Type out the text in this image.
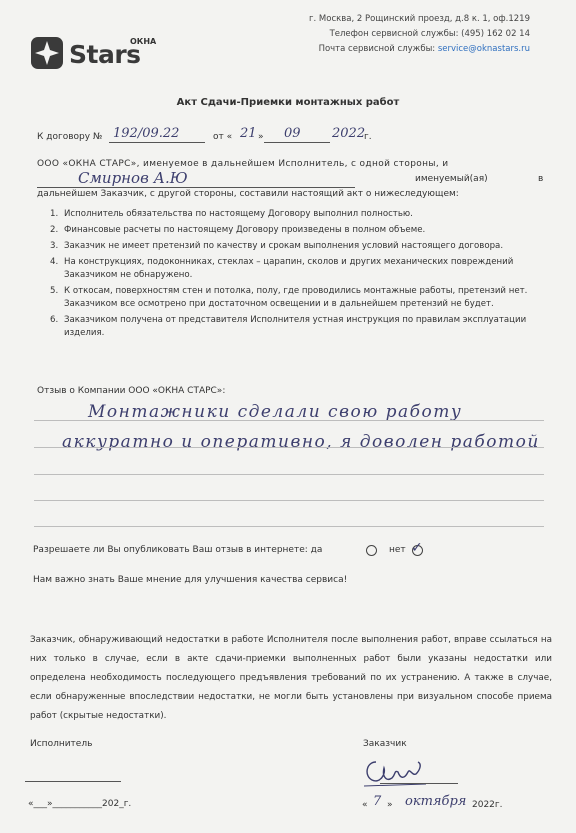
ОКНА
Stars
г. Москва, 2 Рощинский проезд, д.8 к. 1, оф.1219
Телефон сервисной службы: (495) 162 02 14
Почта сервисной службы: service@oknastars.ru
Акт Сдачи-Приемки монтажных работ
К договору № 192/09.22	от « 21 » 09 2022
г.
ООО «ОКНА СТАРС», именуемое в дальнейшем Исполнитель, с одной стороны, и
Смирнов А.Ю	именуемый(ая)	в
дальнейшем Заказчик, с другой стороны, составили настоящий акт о нижеследующем:
1. Исполнитель обязательства по настоящему Договору выполнил полностью.
2. Финансовые расчеты по настоящему Договору произведены в полном объеме.
3. Заказчик не имеет претензий по качеству и срокам выполнения условий настоящего договора.
4. На конструкциях, подоконниках, стеклах – царапин, сколов и других механических повреждений Заказчиком не обнаружено.
5. К откосам, поверхностям стен и потолка, полу, где проводились монтажные работы, претензий нет. Заказчиком все осмотрено при достаточном освещении и в дальнейшем претензий не будет.
6. Заказчиком получена от представителя Исполнителя устная инструкция по правилам эксплуатации изделия.
Отзыв о Компании ООО «ОКНА СТАРС»:
Монтажники сделали свою работу
аккуратно и оперативно, я доволен работой
Разрешаете ли Вы опубликовать Ваш отзыв в интернете: да	нет ✓
Нам важно знать Ваше мнение для улучшения качества сервиса!
Заказчик, обнаруживающий недостатки в работе Исполнителя после выполнения работ, вправе ссылаться на них только в случае, если в акте сдачи-приемки выполненных работ были указаны недостатки или определена необходимость последующего предъявления требований по их устранению. А также в случае, если обнаруженные впоследствии недостатки, не могли быть установлены при визуальном способе приема работ (скрытые недостатки).
Исполнитель
«___»___________202_г.
Заказчик
« 7 » октября 2022г.
